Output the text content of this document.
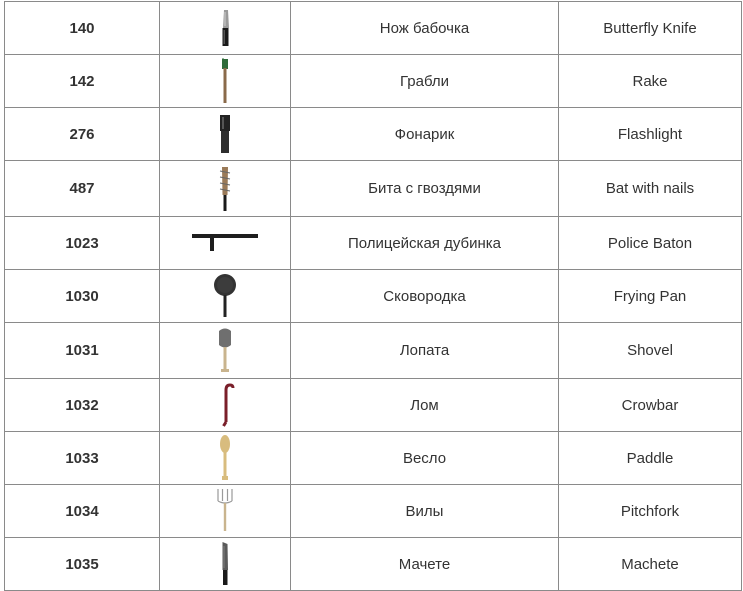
140		Нож бабочка	Butterfly Knife
142		Грабли	Rake
276		Фонарик	Flashlight
487		Бита с гвоздями	Bat with nails
1023		Полицейская дубинка	Police Baton
1030		Сковородка	Frying Pan
1031		Лопата	Shovel
1032		Лом	Crowbar
1033		Весло	Paddle
1034		Вилы	Pitchfork
1035		Мачете	Machete
